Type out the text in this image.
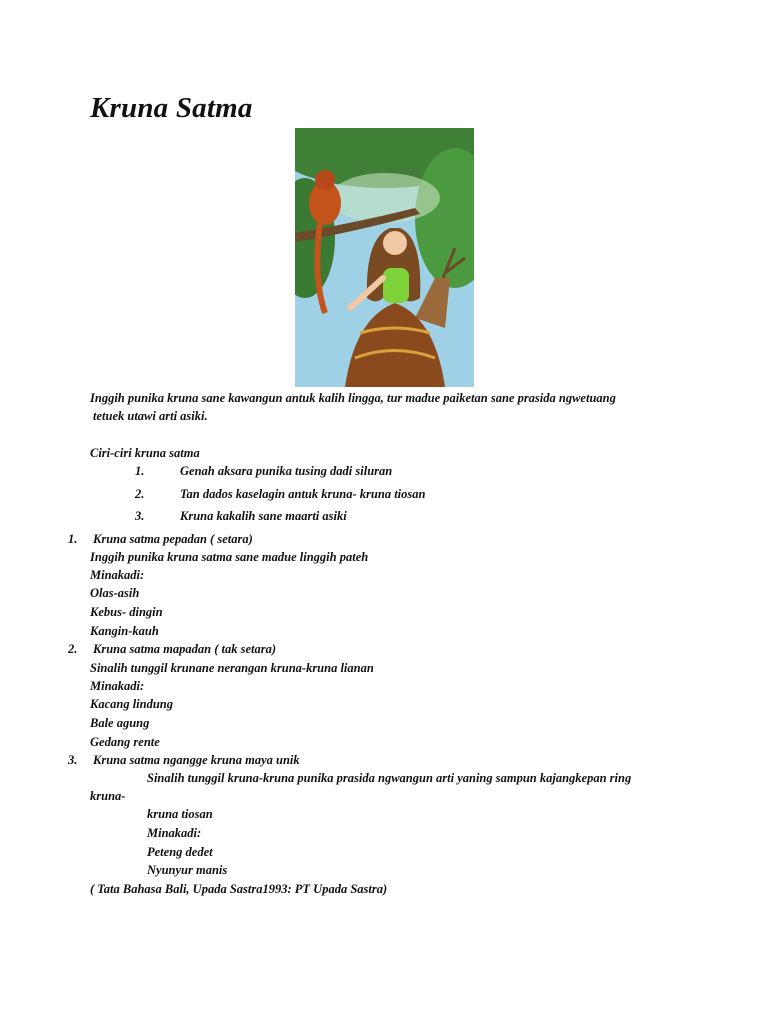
Kruna Satma
Inggih punika kruna sane kawangun antuk kalih lingga, tur madue paiketan sane prasida ngwetuang
tetuek utawi arti asiki.
Ciri-ciri kruna satma
1.	Genah aksara punika tusing dadi siluran
2.	Tan dados kaselagin antuk kruna- kruna tiosan
3.	Kruna kakalih sane maarti asiki
1. Kruna satma pepadan ( setara)
Inggih punika kruna satma sane madue linggih pateh
Minakadi:
Olas-asih
Kebus- dingin
Kangin-kauh
2. Kruna satma mapadan ( tak setara)
Sinalih tunggil krunane nerangan kruna-kruna lianan
Minakadi:
Kacang lindung
Bale agung
Gedang rente
3. Kruna satma ngangge kruna maya unik
Sinalih tunggil kruna-kruna punika prasida ngwangun arti yaning sampun kajangkepan ring
kruna-
kruna tiosan
Minakadi:
Peteng dedet
Nyunyur manis
( Tata Bahasa Bali, Upada Sastra1993: PT Upada Sastra)
